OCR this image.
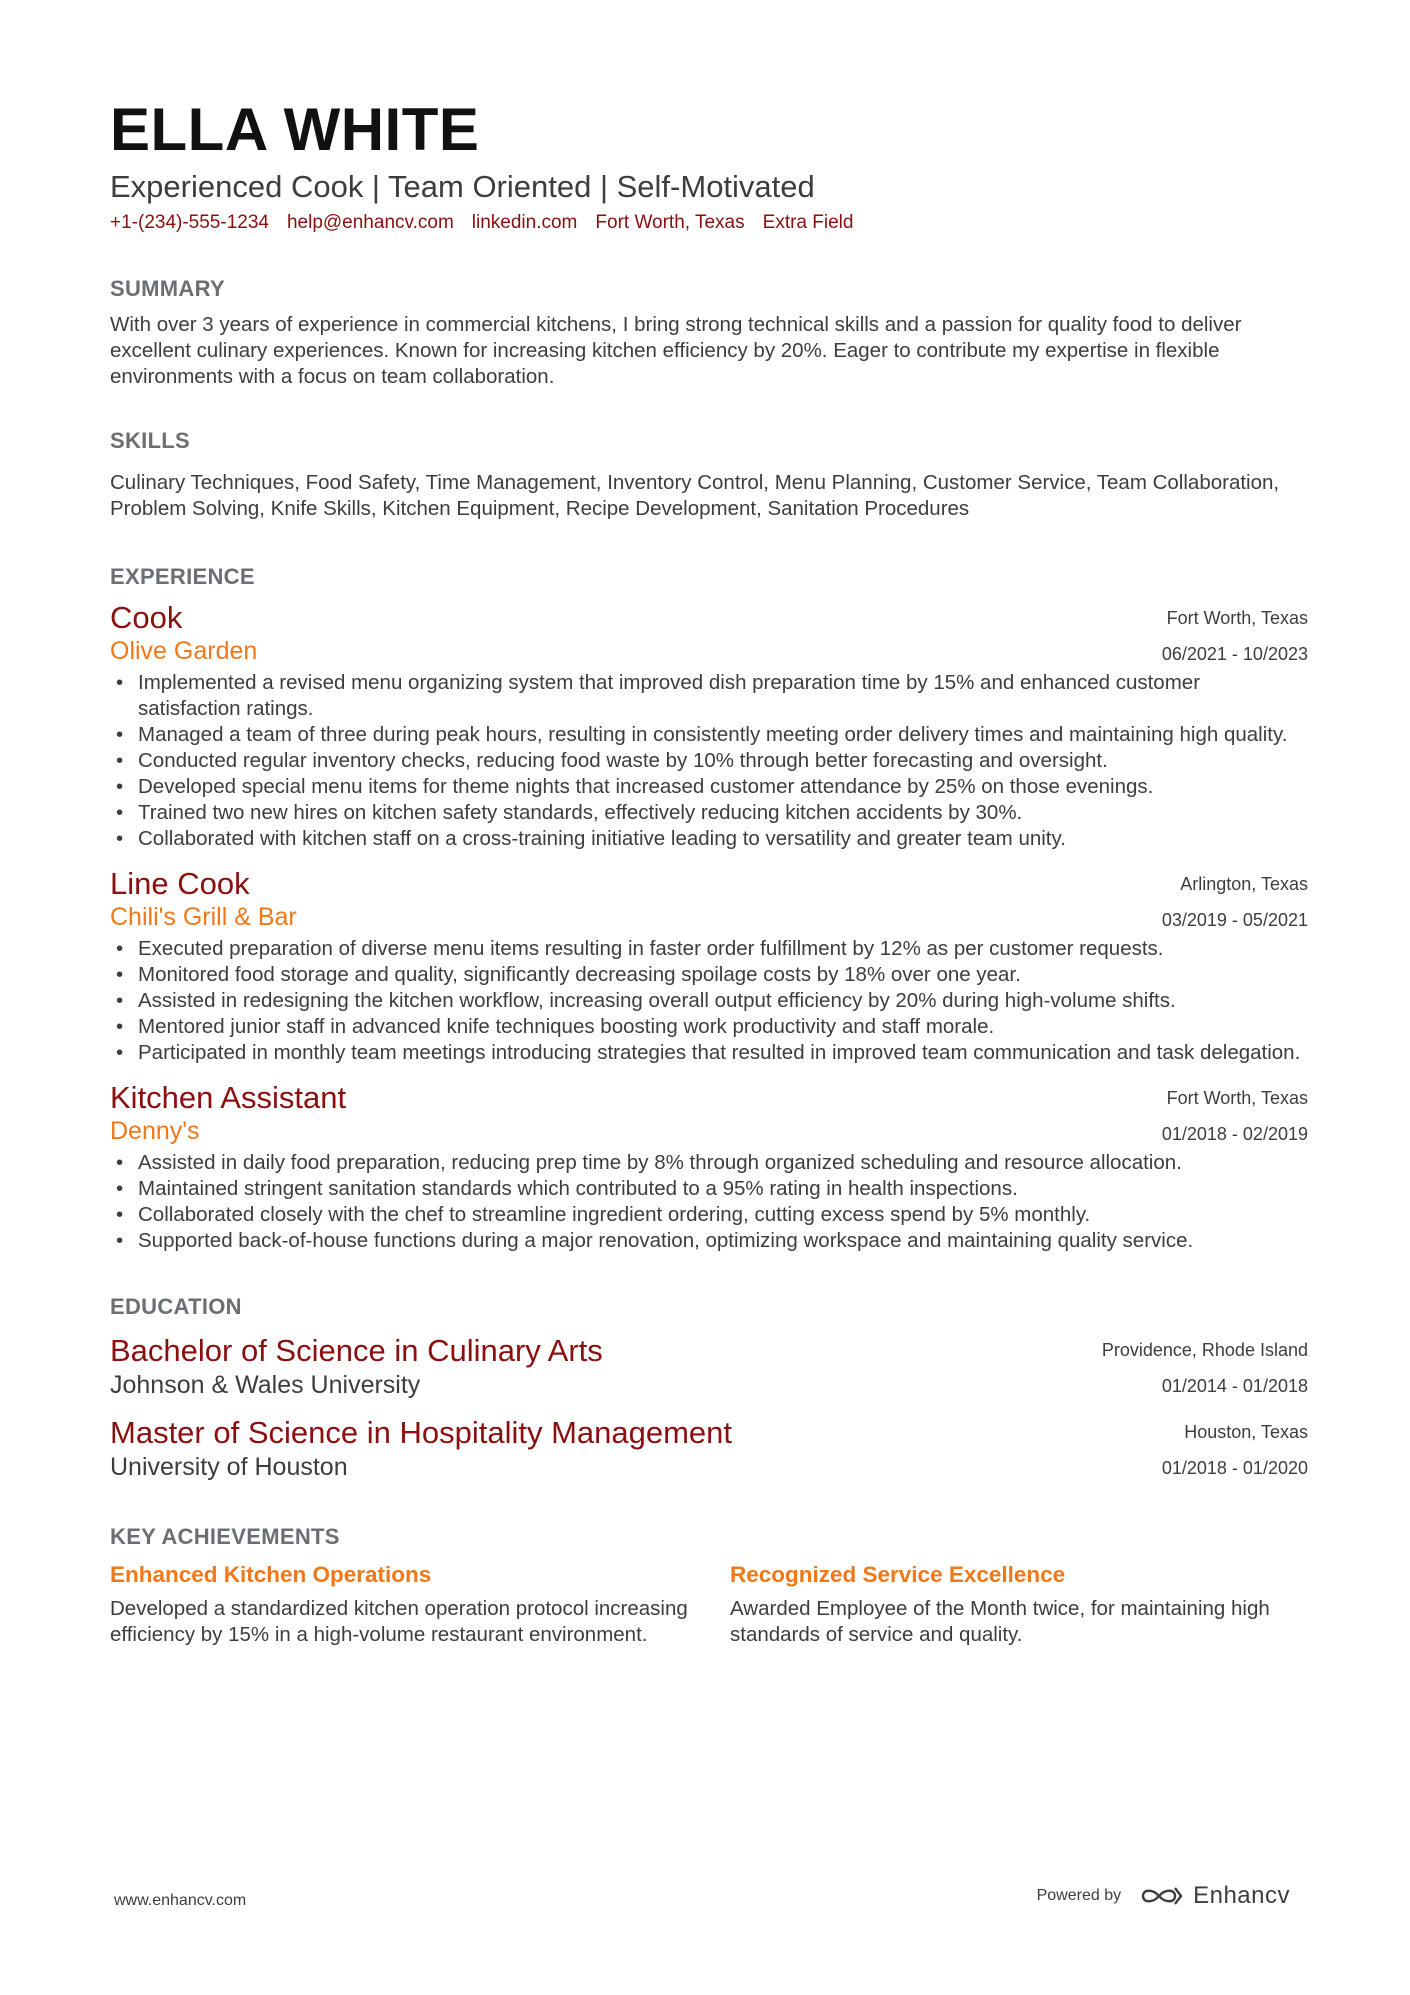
ELLA WHITE
Experienced Cook | Team Oriented | Self-Motivated
+1-(234)-555-1234 help@enhancv.com linkedin.com Fort Worth, Texas Extra Field
SUMMARY
With over 3 years of experience in commercial kitchens, I bring strong technical skills and a passion for quality food to deliver excellent culinary experiences. Known for increasing kitchen efficiency by 20%. Eager to contribute my expertise in flexible environments with a focus on team collaboration.
SKILLS
Culinary Techniques, Food Safety, Time Management, Inventory Control, Menu Planning, Customer Service, Team Collaboration, Problem Solving, Knife Skills, Kitchen Equipment, Recipe Development, Sanitation Procedures
EXPERIENCE
Cook
Olive Garden
Fort Worth, Texas
06/2021 - 10/2023
• Implemented a revised menu organizing system that improved dish preparation time by 15% and enhanced customer satisfaction ratings.
• Managed a team of three during peak hours, resulting in consistently meeting order delivery times and maintaining high quality.
• Conducted regular inventory checks, reducing food waste by 10% through better forecasting and oversight.
• Developed special menu items for theme nights that increased customer attendance by 25% on those evenings.
• Trained two new hires on kitchen safety standards, effectively reducing kitchen accidents by 30%.
• Collaborated with kitchen staff on a cross-training initiative leading to versatility and greater team unity.
Line Cook
Chili's Grill & Bar
Arlington, Texas
03/2019 - 05/2021
• Executed preparation of diverse menu items resulting in faster order fulfillment by 12% as per customer requests.
• Monitored food storage and quality, significantly decreasing spoilage costs by 18% over one year.
• Assisted in redesigning the kitchen workflow, increasing overall output efficiency by 20% during high-volume shifts.
• Mentored junior staff in advanced knife techniques boosting work productivity and staff morale.
• Participated in monthly team meetings introducing strategies that resulted in improved team communication and task delegation.
Kitchen Assistant
Denny's
Fort Worth, Texas
01/2018 - 02/2019
• Assisted in daily food preparation, reducing prep time by 8% through organized scheduling and resource allocation.
• Maintained stringent sanitation standards which contributed to a 95% rating in health inspections.
• Collaborated closely with the chef to streamline ingredient ordering, cutting excess spend by 5% monthly.
• Supported back-of-house functions during a major renovation, optimizing workspace and maintaining quality service.
EDUCATION
Bachelor of Science in Culinary Arts
Johnson & Wales University
Providence, Rhode Island
01/2014 - 01/2018
Master of Science in Hospitality Management
University of Houston
Houston, Texas
01/2018 - 01/2020
KEY ACHIEVEMENTS
Enhanced Kitchen Operations
Developed a standardized kitchen operation protocol increasing efficiency by 15% in a high-volume restaurant environment.
Recognized Service Excellence
Awarded Employee of the Month twice, for maintaining high standards of service and quality.
www.enhancv.com	Powered by	Enhancv
